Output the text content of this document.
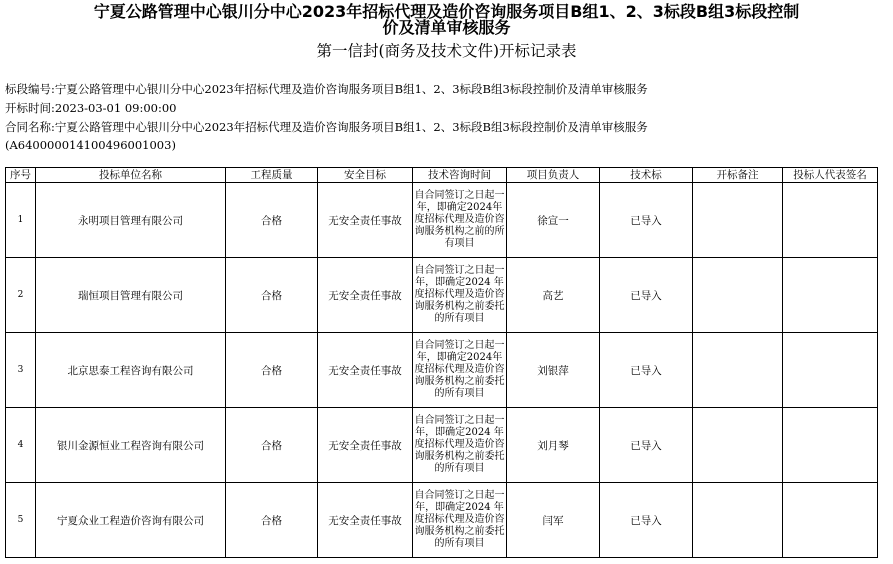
宁夏公路管理中心银川分中心2023年招标代理及造价咨询服务项目B组1、2、3标段B组3标段控制
价及清单审核服务
第一信封(商务及技术文件)开标记录表
标段编号:宁夏公路管理中心银川分中心2023年招标代理及造价咨询服务项目B组1、2、3标段B组3标段控制价及清单审核服务
开标时间:2023-03-01 09:00:00
合同名称:宁夏公路管理中心银川分中心2023年招标代理及造价咨询服务项目B组1、2、3标段B组3标段控制价及清单审核服务
(A640000014100496001003)
序号	投标单位名称	工程质量	安全目标	技术咨询时间	项目负责人	技术标	开标备注	投标人代表签名
1	永明项目管理有限公司	合格	无安全责任事故	自合同签订之日起一年，即确定2024年度招标代理及造价咨询服务机构之前的所有项目	徐宣一	已导入		
2	瑞恒项目管理有限公司	合格	无安全责任事故	自合同签订之日起一年，即确定2024 年度招标代理及造价咨询服务机构之前委托的所有项目	高艺	已导入		
3	北京思泰工程咨询有限公司	合格	无安全责任事故	自合同签订之日起一年，即确定2024年度招标代理及造价咨询服务机构之前委托的所有项目	刘银萍	已导入		
4	银川金源恒业工程咨询有限公司	合格	无安全责任事故	自合同签订之日起一年，即确定2024 年度招标代理及造价咨询服务机构之前委托的所有项目	刘月琴	已导入		
5	宁夏众业工程造价咨询有限公司	合格	无安全责任事故	自合同签订之日起一年，即确定2024 年度招标代理及造价咨询服务机构之前委托的所有项目	闫军	已导入		
